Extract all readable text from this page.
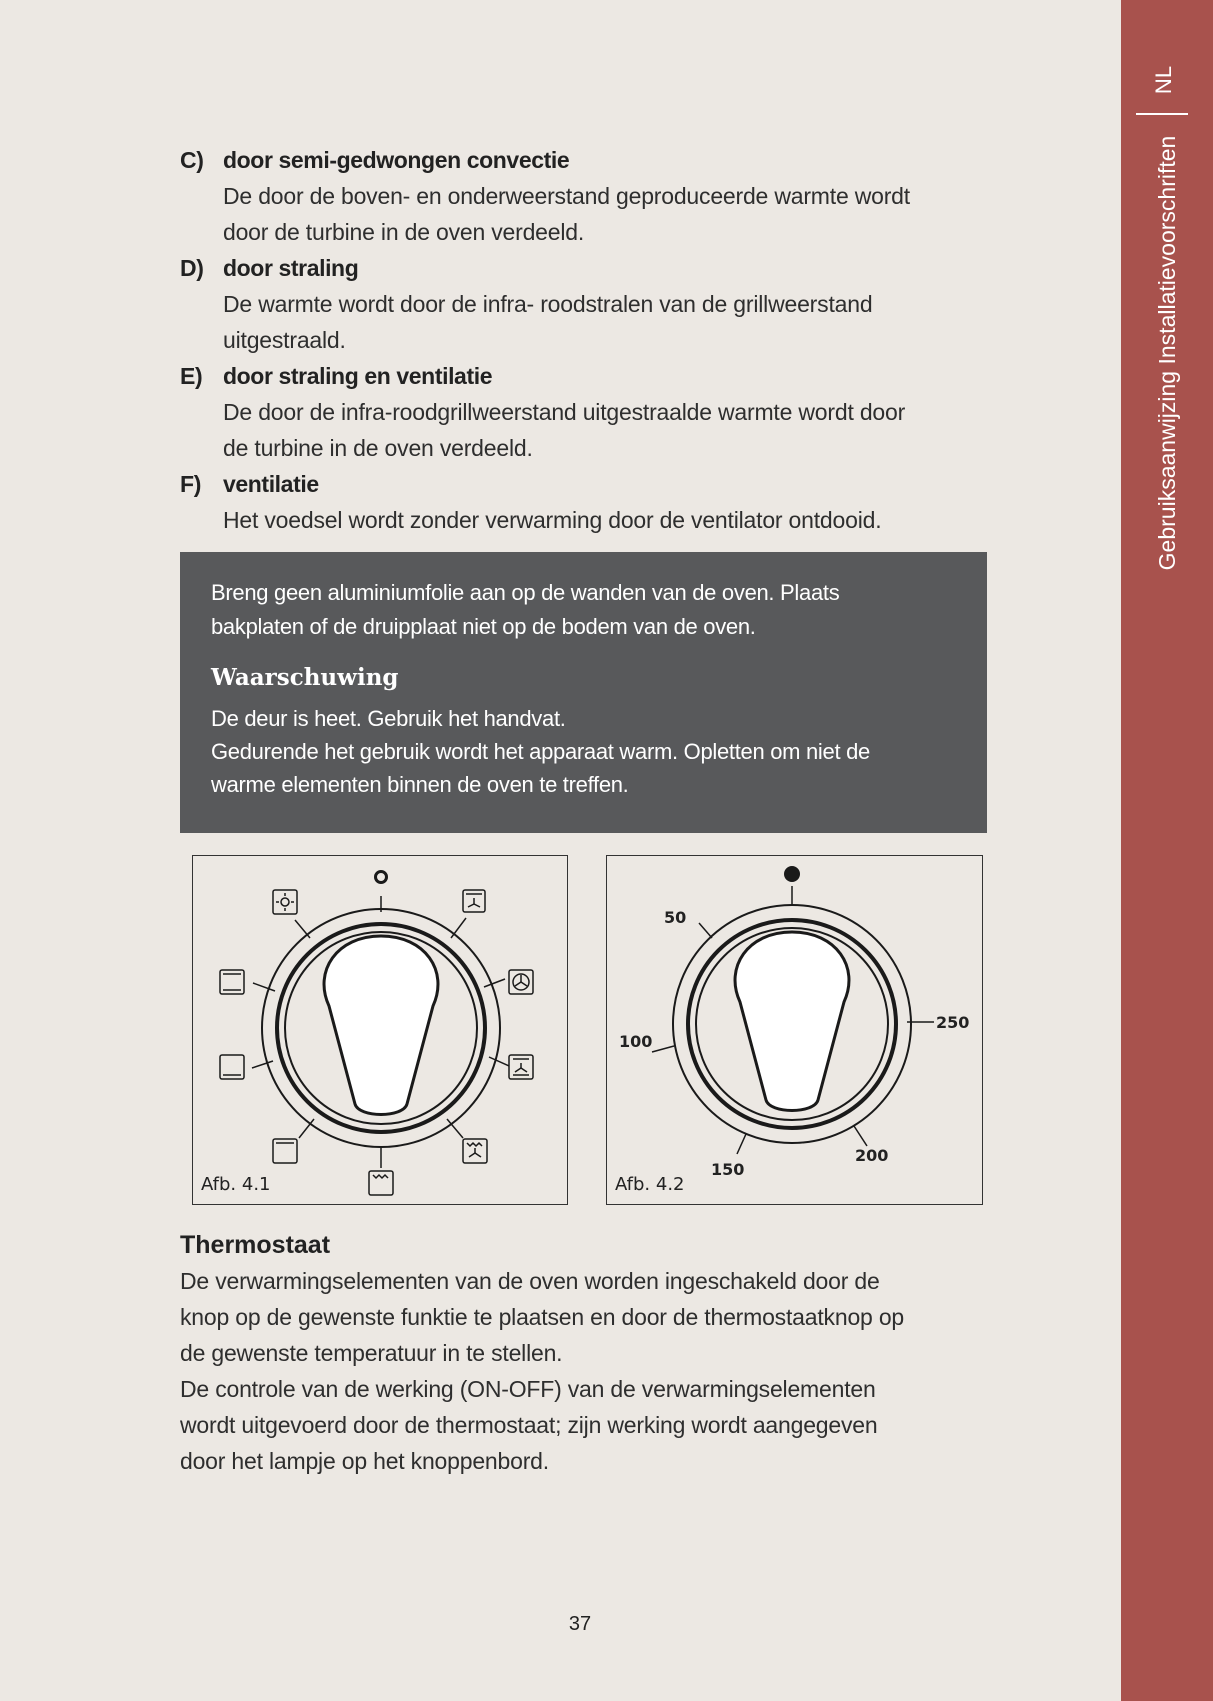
NL
Gebruiksaanwijzing Installatievoorschriften
C) door semi-gedwongen convectie
De door de boven- en onderweerstand geproduceerde warmte wordt
door de turbine in de oven verdeeld.
D) door straling
De warmte wordt door de infra- roodstralen van de grillweerstand
uitgestraald.
E) door straling en ventilatie
De door de infra-roodgrillweerstand uitgestraalde warmte wordt door
de turbine in de oven verdeeld.
F) ventilatie
Het voedsel wordt zonder verwarming door de ventilator ontdooid.
Breng geen aluminiumfolie aan op de wanden van de oven. Plaats
bakplaten of de druipplaat niet op de bodem van de oven.
Waarschuwing
De deur is heet. Gebruik het handvat.
Gedurende het gebruik wordt het apparaat warm. Opletten om niet de
warme elementen binnen de oven te treffen.
Afb. 4.1
50
100
150
200
250
Afb. 4.2
Thermostaat
De verwarmingselementen van de oven worden ingeschakeld door de
knop op de gewenste funktie te plaatsen en door de thermostaatknop op
de gewenste temperatuur in te stellen.
De controle van de werking (ON-OFF) van de verwarmingselementen
wordt uitgevoerd door de thermostaat; zijn werking wordt aangegeven
door het lampje op het knoppenbord.
37
